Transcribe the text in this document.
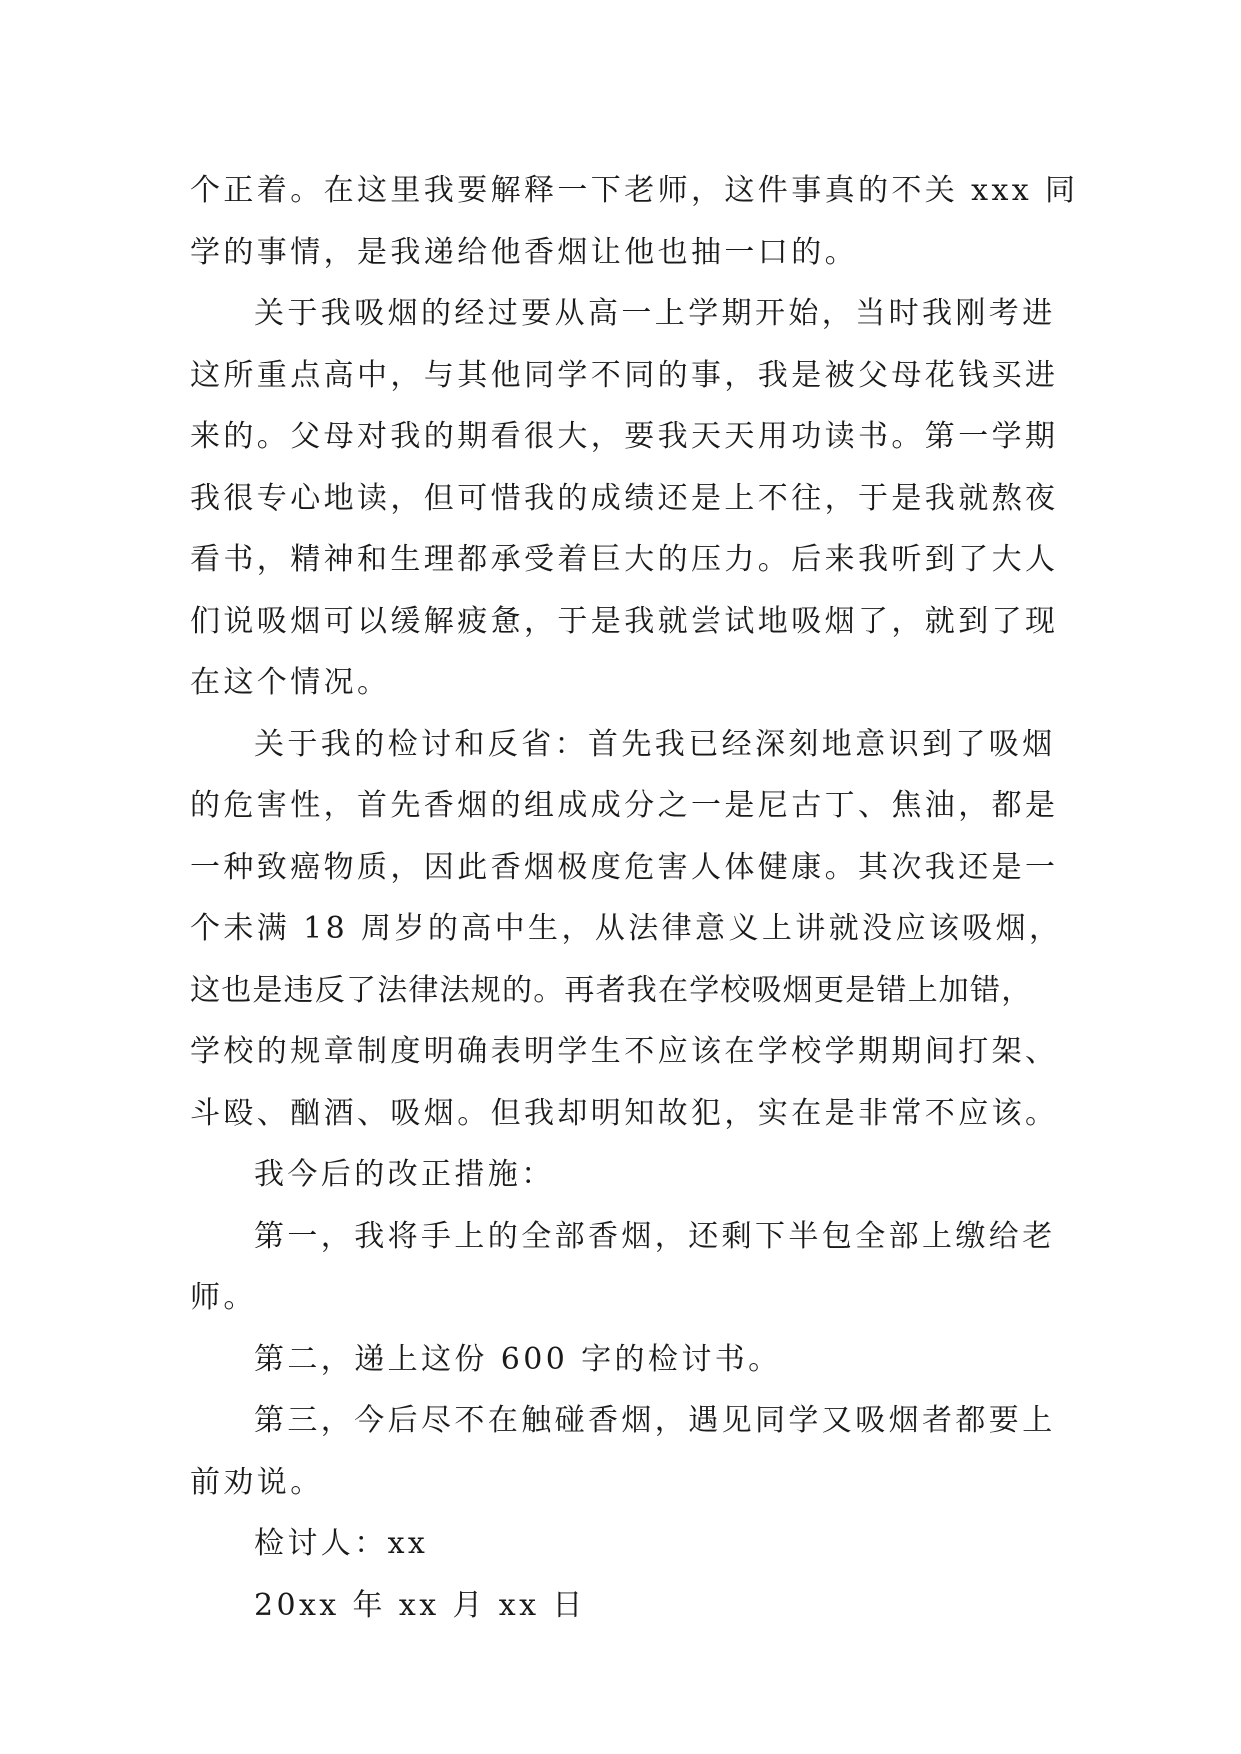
个正着。在这里我要解释一下老师，这件事真的不关 xxx 同
学的事情，是我递给他香烟让他也抽一口的。
关于我吸烟的经过要从高一上学期开始，当时我刚考进
这所重点高中，与其他同学不同的事，我是被父母花钱买进
来的。父母对我的期看很大，要我天天用功读书。第一学期
我很专心地读，但可惜我的成绩还是上不往，于是我就熬夜
看书，精神和生理都承受着巨大的压力。后来我听到了大人
们说吸烟可以缓解疲惫，于是我就尝试地吸烟了，就到了现
在这个情况。
关于我的检讨和反省：首先我已经深刻地意识到了吸烟
的危害性，首先香烟的组成成分之一是尼古丁、焦油，都是
一种致癌物质，因此香烟极度危害人体健康。其次我还是一
个未满 18 周岁的高中生，从法律意义上讲就没应该吸烟，
这也是违反了法律法规的。再者我在学校吸烟更是错上加错，
学校的规章制度明确表明学生不应该在学校学期期间打架、
斗殴、酗酒、吸烟。但我却明知故犯，实在是非常不应该。
我今后的改正措施：
第一，我将手上的全部香烟，还剩下半包全部上缴给老
师。
第二，递上这份 600 字的检讨书。
第三，今后尽不在触碰香烟，遇见同学又吸烟者都要上
前劝说。
检讨人：xx
20xx 年 xx 月 xx 日
